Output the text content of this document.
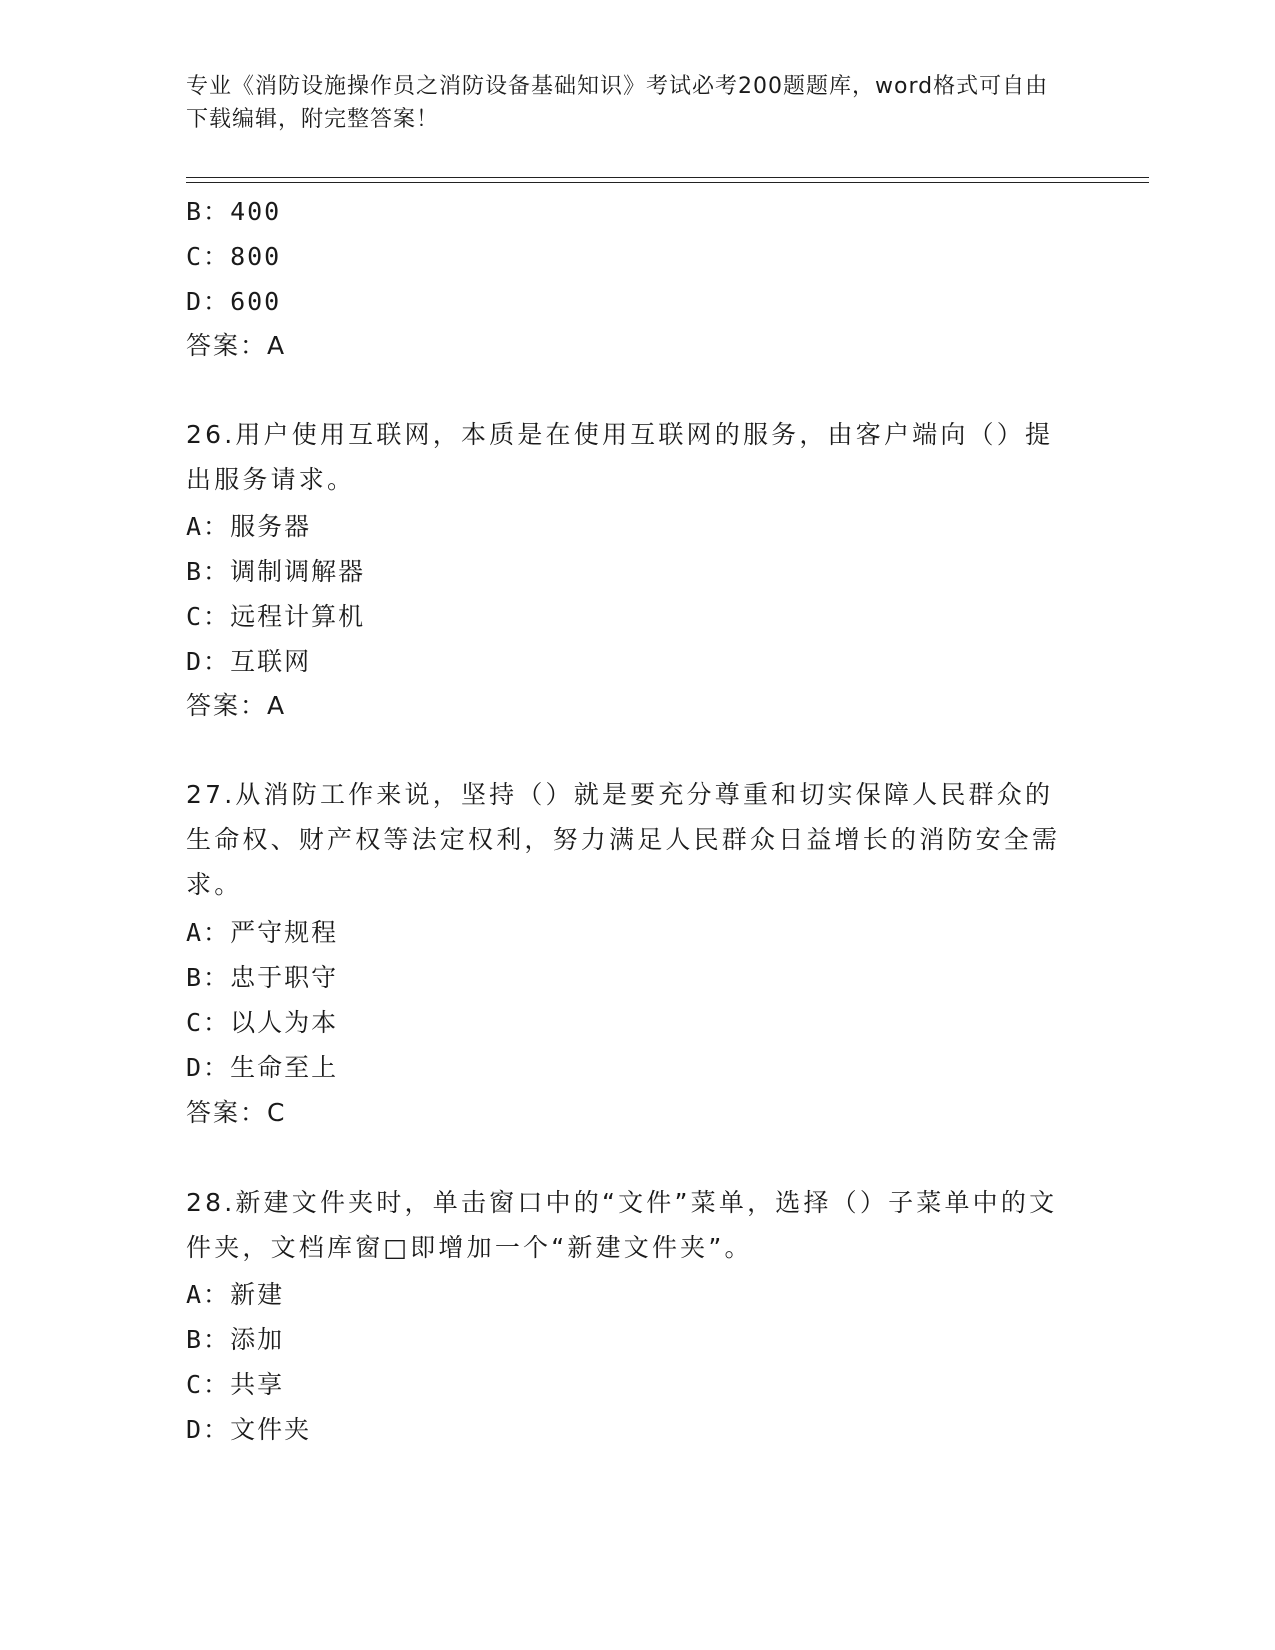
专业《消防设施操作员之消防设备基础知识》考试必考200题题库，word格式可自由下载编辑，附完整答案！
B：400
C：800
D：600
答案：A
26.用户使用互联网，本质是在使用互联网的服务，由客户端向（）提出服务请求。
A：服务器
B：调制调解器
C：远程计算机
D：互联网
答案：A
27.从消防工作来说，坚持（）就是要充分尊重和切实保障人民群众的生命权、财产权等法定权利，努力满足人民群众日益增长的消防安全需求。
A：严守规程
B：忠于职守
C：以人为本
D：生命至上
答案：C
28.新建文件夹时，单击窗口中的“文件”菜单，选择（）子菜单中的文件夹，文档库窗□即增加一个“新建文件夹”。
A：新建
B：添加
C：共享
D：文件夹
